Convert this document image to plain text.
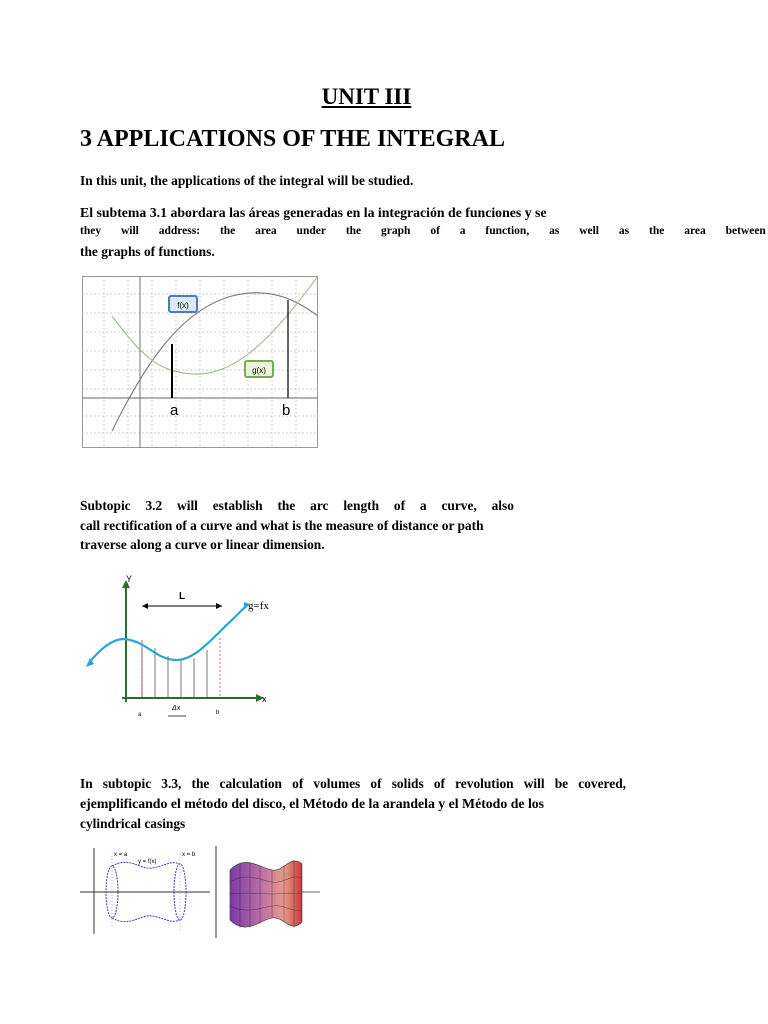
UNIT III
3 APPLICATIONS OF THE INTEGRAL
In this unit, the applications of the integral will be studied.
El subtema 3.1 abordara las áreas generadas en la integración de funciones y se
they will address: the area under the graph of a function, as well as the area between
the graphs of functions.
f(x)
g(x)
a	b
Subtopic 3.2 will establish the arc length of a curve, also
call rectification of a curve and what is the measure of distance or path
traverse along a curve or linear dimension.
Y
x
L
g=fx
Δx
a	b
In subtopic 3.3, the calculation of volumes of solids of revolution will be covered,
ejemplificando el método del disco, el Método de la arandela y el Método de los
cylindrical casings
x = a	x = b
y = f(x)
